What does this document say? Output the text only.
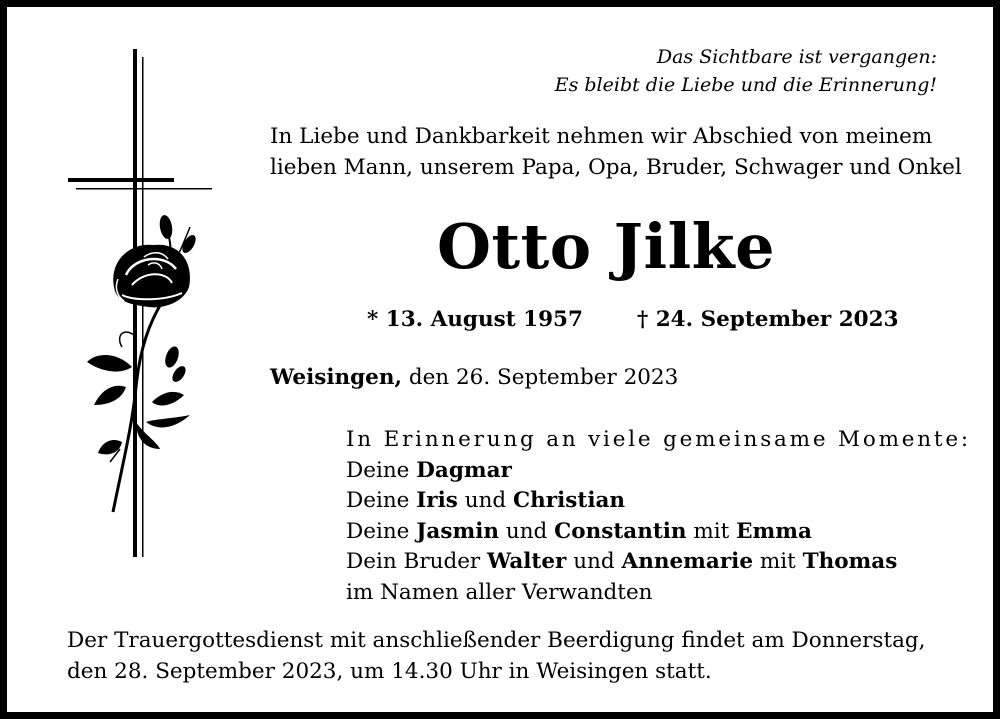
Das Sichtbare ist vergangen:
Es bleibt die Liebe und die Erinnerung!
In Liebe und Dankbarkeit nehmen wir Abschied von meinem
lieben Mann, unserem Papa, Opa, Bruder, Schwager und Onkel
Otto Jilke
* 13. August 1957	† 24. September 2023
Weisingen, den 26. September 2023
In Erinnerung an viele gemeinsame Momente:
Deine Dagmar
Deine Iris und Christian
Deine Jasmin und Constantin mit Emma
Dein Bruder Walter und Annemarie mit Thomas
im Namen aller Verwandten
Der Trauergottesdienst mit anschließender Beerdigung findet am Donnerstag,
den 28. September 2023, um 14.30 Uhr in Weisingen statt.
